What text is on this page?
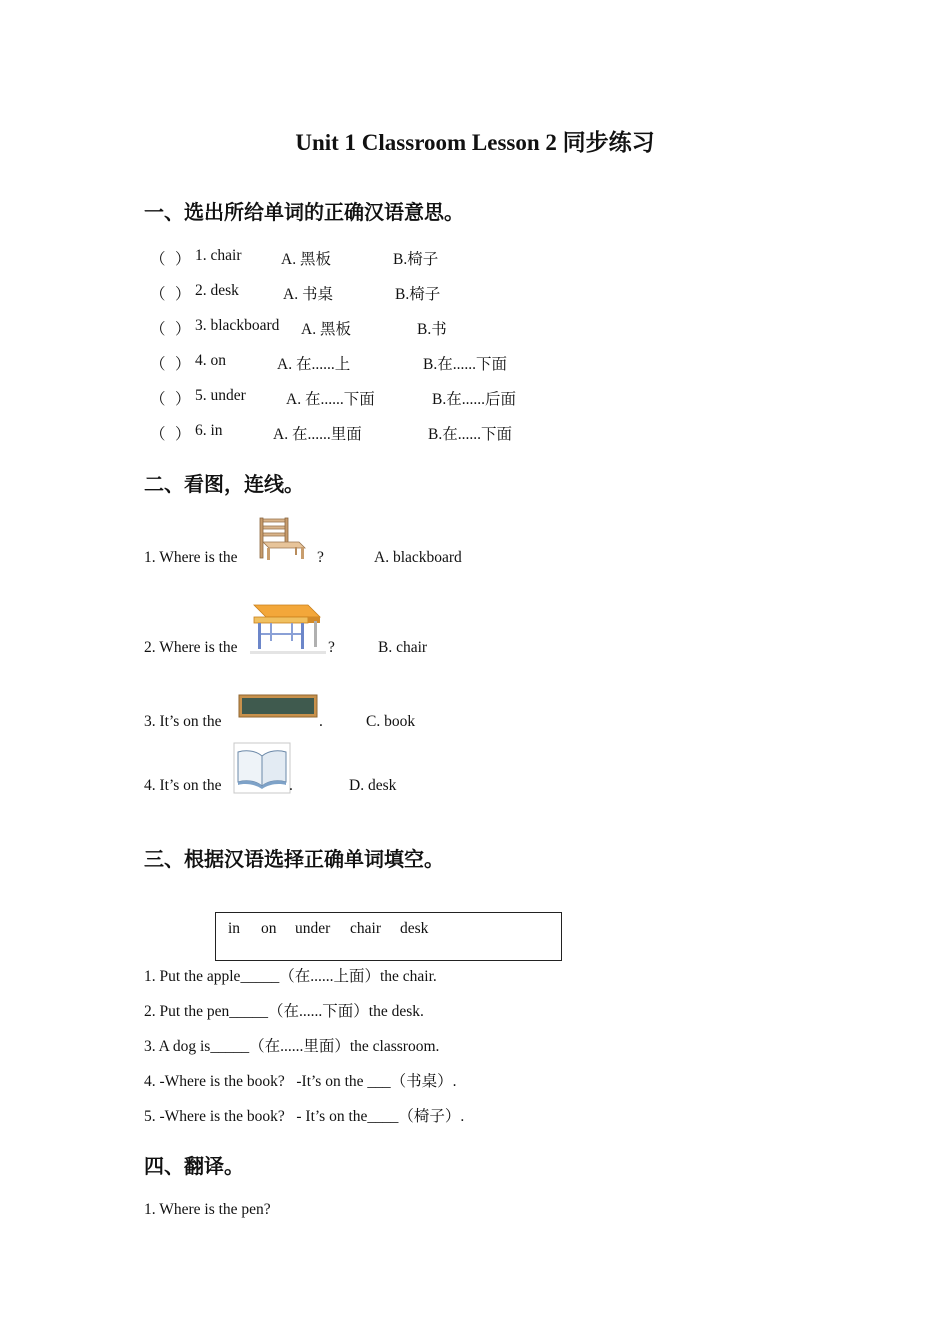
Unit 1 Classroom Lesson 2 同步练习
一、选出所给单词的正确汉语意思。
（ ） 1. chair	A. 黑板	B.椅子
（ ） 2. desk	A. 书桌	B.椅子
（ ） 3. blackboard A. 黑板	B.书
（ ） 4. on	A. 在......上	B.在......下面
（ ） 5. under	A. 在......下面	B.在......后面
（ ） 6. in	A. 在......里面	B.在......下面
二、看图，连线。
1. Where is the	?	A. blackboard
2. Where is the	?	B. chair
3. It’s on the	.	C. book
4. It’s on the	.	D. desk
三、根据汉语选择正确单词填空。
in on under chair desk
1. Put the apple_____（在......上面）the chair.
2. Put the pen_____（在......下面）the desk.
3. A dog is_____（在......里面）the classroom.
4. -Where is the book?   -It’s on the ___（书桌）.
5. -Where is the book?   - It’s on the____（椅子）.
四、翻译。
1. Where is the pen?
